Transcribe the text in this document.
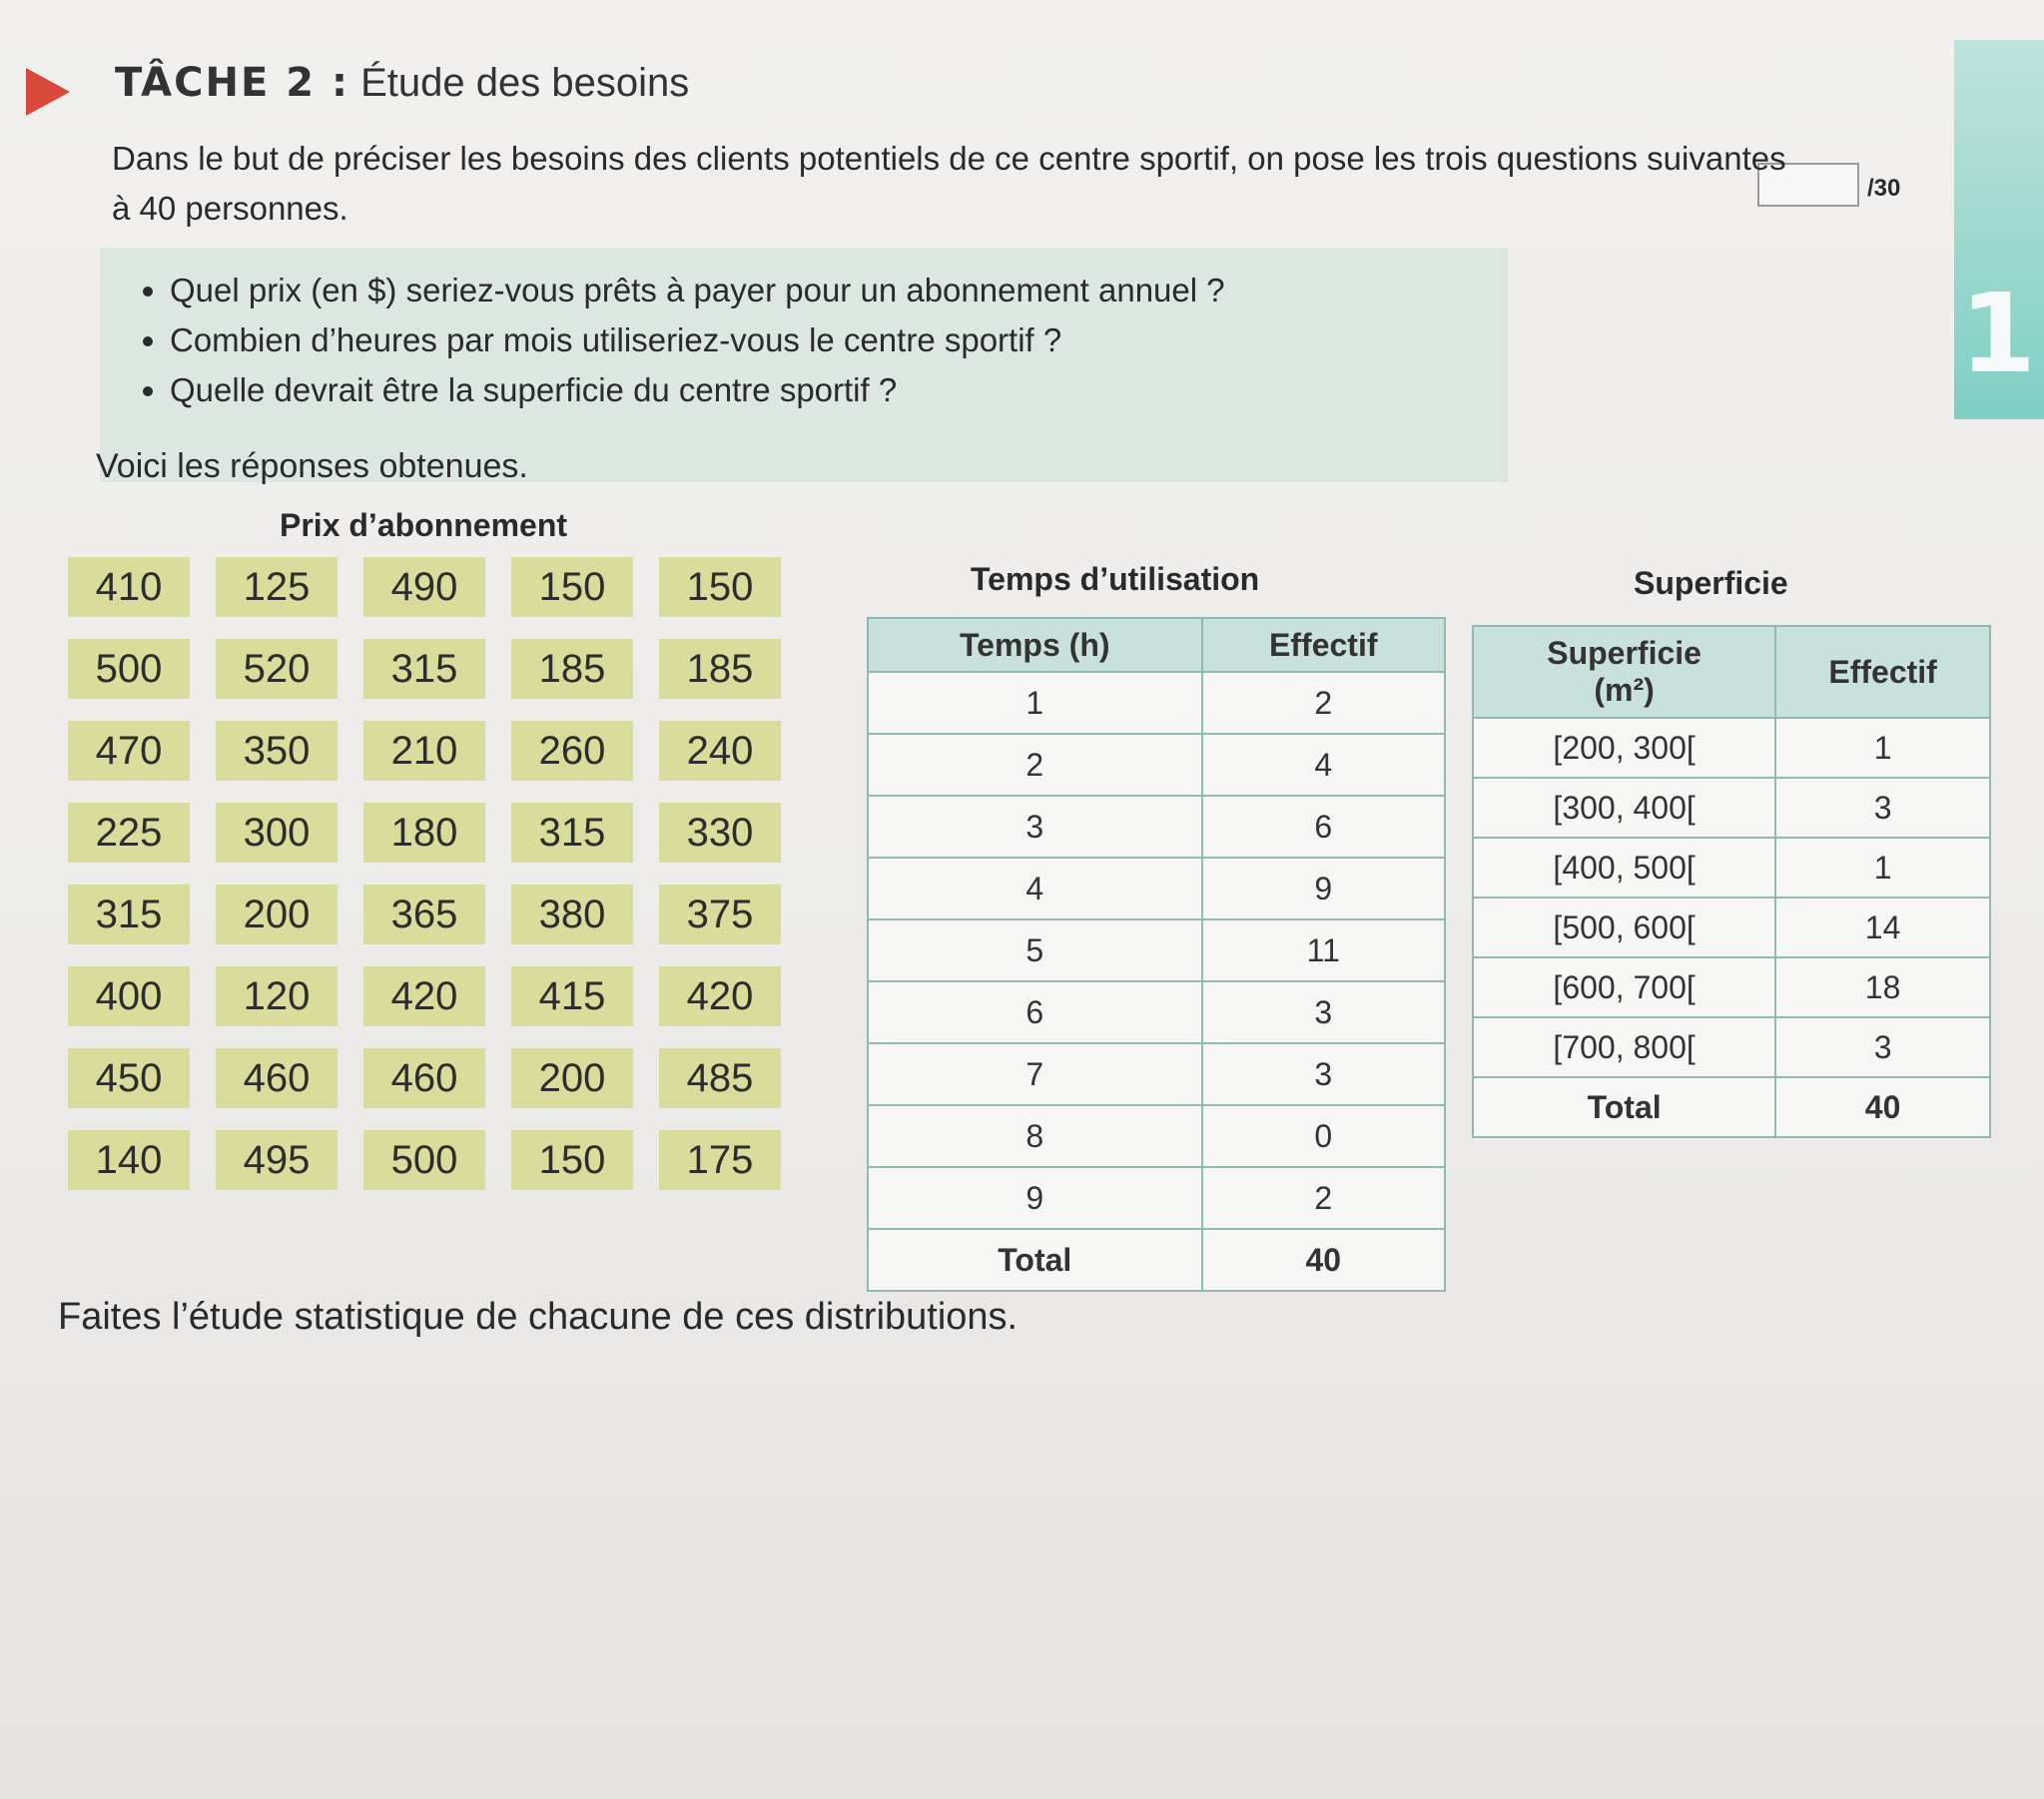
1
TÂCHE 2 : Étude des besoins
/30
Dans le but de préciser les besoins des clients potentiels de ce centre sportif, on pose les trois questions suivantes à 40 personnes.
• Quel prix (en $) seriez-vous prêts à payer pour un abonnement annuel ?
• Combien d’heures par mois utiliseriez-vous le centre sportif ?
• Quelle devrait être la superficie du centre sportif ?
Voici les réponses obtenues.
Prix d’abonnement
410	125	490	150	150
500	520	315	185	185
470	350	210	260	240
225	300	180	315	330
315	200	365	380	375
400	120	420	415	420
450	460	460	200	485
140	495	500	150	175
Temps d’utilisation
Temps (h)	Effectif
1	2
2	4
3	6
4	9
5	11
6	3
7	3
8	0
9	2
Total	40
Superficie
Superficie
(m²)	Effectif
[200, 300[	1
[300, 400[	3
[400, 500[	1
[500, 600[	14
[600, 700[	18
[700, 800[	3
Total	40
Faites l’étude statistique de chacune de ces distributions.
